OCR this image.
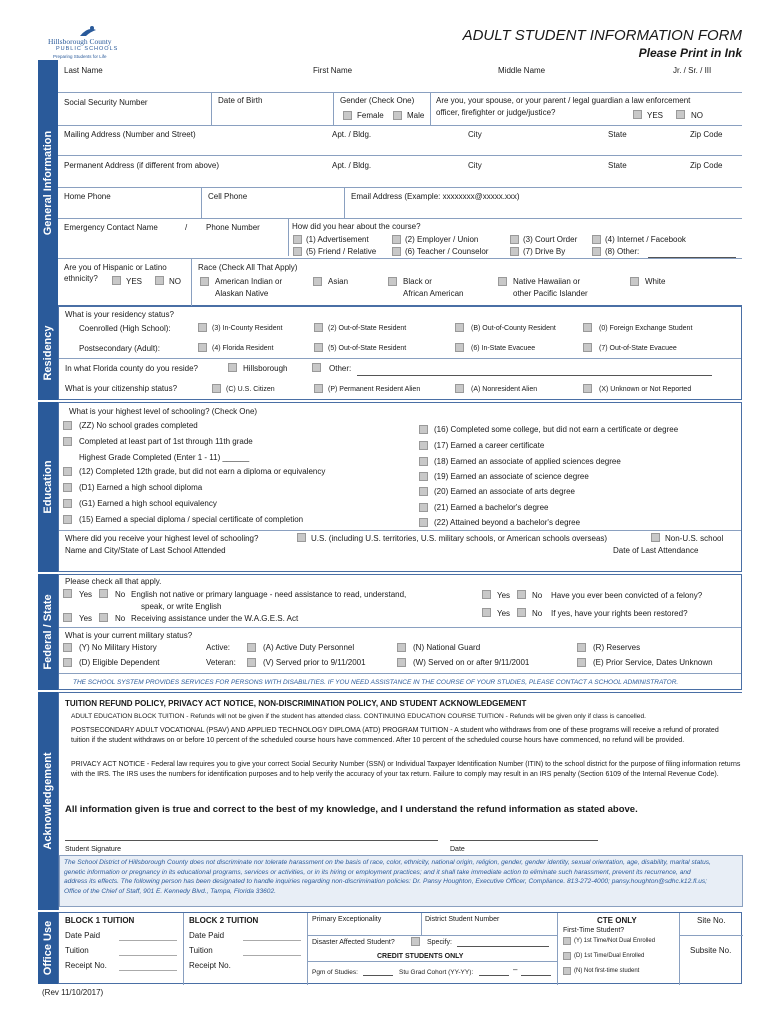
Hillsborough County
PUBLIC SCHOOLS
Preparing Students for Life
ADULT STUDENT INFORMATION FORM
Please Print in Ink
General Information
Last Name	First Name	Middle Name	Jr. / Sr. / III
Social Security Number	Date of Birth	Gender (Check One)
Female	Male
Are you, your spouse, or your parent / legal guardian a law enforcement
officer, firefighter or judge/justice?	YES	NO
Mailing Address (Number and Street)	Apt. / Bldg.	City	State	Zip Code
Permanent Address (if different from above)	Apt. / Bldg.	City	State	Zip Code
Home Phone	Cell Phone	Email Address (Example: xxxxxxxx@xxxxx.xxx)
Emergency Contact Name	/ Phone Number	How did you hear about the course?
(1) Advertisement	(2) Employer / Union	(3) Court Order	(4) Internet / Facebook
(5) Friend / Relative	(6) Teacher / Counselor	(7) Drive By	(8) Other:
Are you of Hispanic or Latino
ethnicity?	YES	NO
Race (Check All That Apply)
American Indian or
Alaskan Native
Asian	Black or
African American
Native Hawaiian or
other Pacific Islander
White
Residency
What is your residency status?
Coenrolled (High School):	(3) In-County Resident	(2) Out-of-State Resident	(B) Out-of-County Resident	(0) Foreign Exchange Student
Postsecondary (Adult):	(4) Florida Resident	(5) Out-of-State Resident	(6) In-State Evacuee	(7) Out-of-State Evacuee
In what Florida county do you reside?	Hillsborough	Other:
What is your citizenship status?	(C) U.S. Citizen	(P) Permanent Resident Alien	(A) Nonresident Alien	(X) Unknown or Not Reported
Education
What is your highest level of schooling? (Check One)
Where did you receive your highest level of schooling?	U.S. (including U.S. territories, U.S. military schools, or American schools overseas)	Non-U.S. school
Name and City/State of Last School Attended	Date of Last Attendance
(ZZ) No school grades completed
Completed at least part of 1st through 11th grade
Highest Grade Completed (Enter 1 - 11) ______
(12) Completed 12th grade, but did not earn a diploma or equivalency
(D1) Earned a high school diploma
(G1) Earned a high school equivalency
(15) Earned a special diploma / special certificate of completion
(16) Completed some college, but did not earn a certificate or degree
(17) Earned a career certificate
(18) Earned an associate of applied sciences degree
(19) Earned an associate of science degree
(20) Earned an associate of arts degree
(21) Earned a bachelor's degree
(22) Attained beyond a bachelor's degree
Federal / State
Please check all that apply.
Yes	No English not native or primary language - need assistance to read, understand,
speak, or write English
Yes	No Receiving assistance under the W.A.G.E.S. Act
Yes	No Have you ever been convicted of a felony?
Yes	No If yes, have your rights been restored?
What is your current military status?
(Y) No Military History	Active:	(A) Active Duty Personnel	(N) National Guard	(R) Reserves
(D) Eligible Dependent	Veteran:	(V) Served prior to 9/11/2001	(W) Served on or after 9/11/2001	(E) Prior Service, Dates Unknown
THE SCHOOL SYSTEM PROVIDES SERVICES FOR PERSONS WITH DISABILITIES. IF YOU NEED ASSISTANCE IN THE COURSE OF YOUR STUDIES, PLEASE CONTACT A SCHOOL ADMINISTRATOR.
Acknowledgement
TUITION REFUND POLICY, PRIVACY ACT NOTICE, NON-DISCRIMINATION POLICY, AND STUDENT ACKNOWLEDGEMENT
ADULT EDUCATION BLOCK TUITION - Refunds will not be given if the student has attended class. CONTINUING EDUCATION COURSE TUITION - Refunds will be given only if class is cancelled.
POSTSECONDARY ADULT VOCATIONAL (PSAV) AND APPLIED TECHNOLOGY DIPLOMA (ATD) PROGRAM TUITION - A student who withdraws from one of these programs will receive a refund of prorated tuition if the student withdraws on or before 10 percent of the scheduled course hours have commenced. After 10 percent of the scheduled course hours have commenced, no refund will be provided.
PRIVACY ACT NOTICE - Federal law requires you to give your correct Social Security Number (SSN) or Individual Taxpayer Identification Number (ITIN) to the school district for the purpose of filing information returns with the IRS. The IRS uses the numbers for identification purposes and to help verify the accuracy of your tax return. Failure to comply may result in an IRS penalty (Section 6109 of the Internal Revenue Code).
All information given is true and correct to the best of my knowledge, and I understand the refund information as stated above.
Student Signature	Date
The School District of Hillsborough County does not discriminate nor tolerate harassment on the basis of race, color, ethnicity, national origin, religion, gender, gender identity, sexual orientation, age, disability, marital status, genetic information or pregnancy in its educational programs, services or activities, or in its hiring or employment practices; and it shall take immediate action to eliminate such harassment, prevent its recurrence, and address its effects. The following person has been designated to handle inquiries regarding non-discrimination policies: Dr. Pansy Houghton, Executive Officer, Compliance. 813-272-4000; pansy.houghton@sdhc.k12.fl.us; Office of the Chief of Staff, 901 E. Kennedy Blvd., Tampa, Florida 33602.
Office Use
BLOCK 1 TUITION
Date Paid
Tuition
Receipt No.
BLOCK 2 TUITION
Date Paid
Tuition
Receipt No.
Primary Exceptionality	District Student Number
Disaster Affected Student?	Specify:
CREDIT STUDENTS ONLY
Pgm of Studies:	Stu Grad Cohort (YY-YY):	–
CTE ONLY
First-Time Student?
(Y) 1st Time/Not Dual Enrolled
(D) 1st Time/Dual Enrolled
(N) Not first-time student
Site No.
Subsite No.
(Rev 11/10/2017)
